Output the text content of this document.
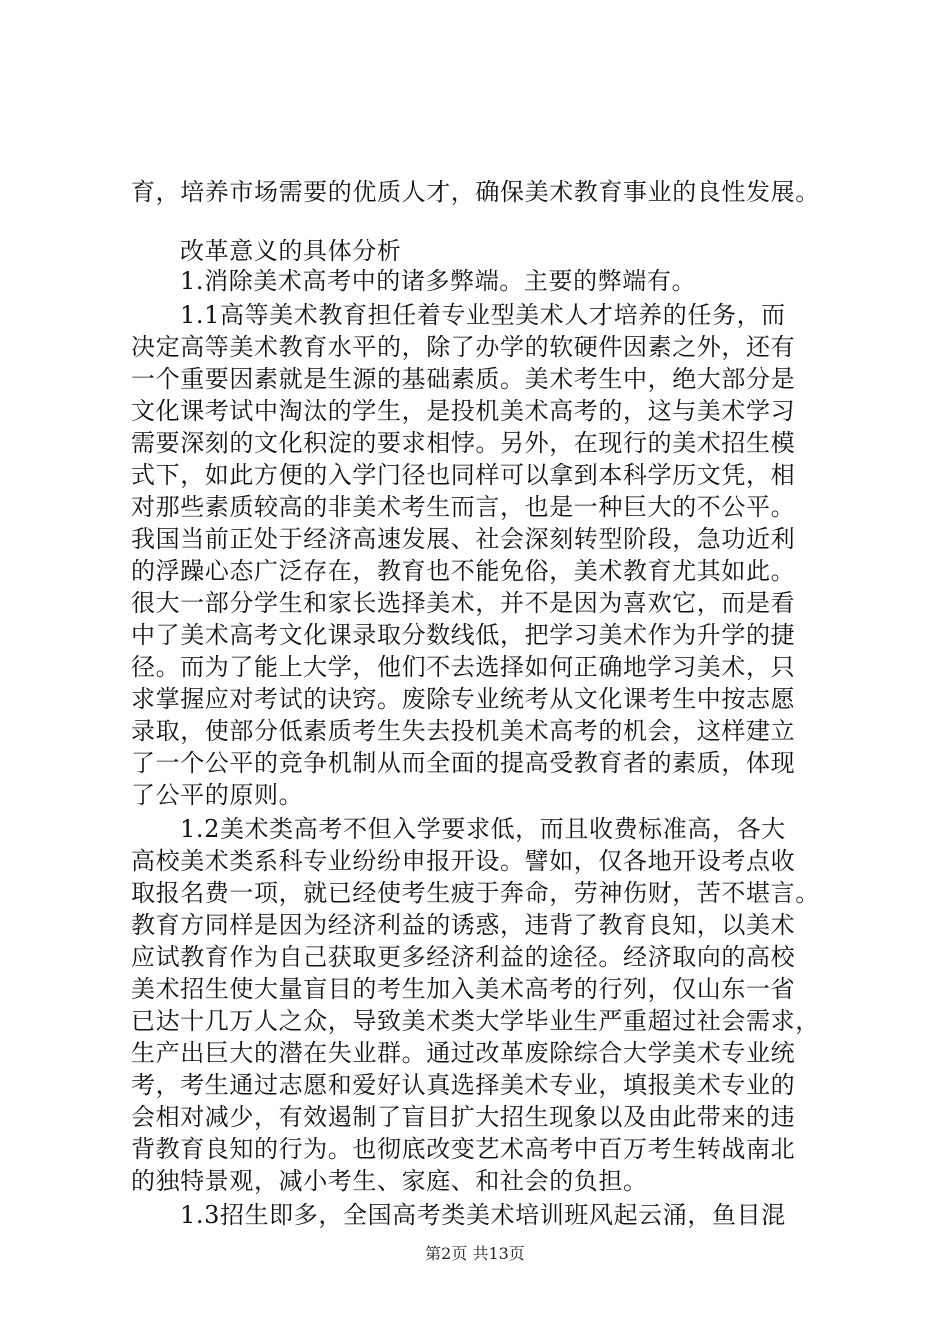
育，培养市场需要的优质人才，确保美术教育事业的良性发展。
改革意义的具体分析
1.消除美术高考中的诸多弊端。主要的弊端有。
1.1高等美术教育担任着专业型美术人才培养的任务，而
决定高等美术教育水平的，除了办学的软硬件因素之外，还有
一个重要因素就是生源的基础素质。美术考生中，绝大部分是
文化课考试中淘汰的学生，是投机美术高考的，这与美术学习
需要深刻的文化积淀的要求相悖。另外，在现行的美术招生模
式下，如此方便的入学门径也同样可以拿到本科学历文凭，相
对那些素质较高的非美术考生而言，也是一种巨大的不公平。
我国当前正处于经济高速发展、社会深刻转型阶段，急功近利
的浮躁心态广泛存在，教育也不能免俗，美术教育尤其如此。
很大一部分学生和家长选择美术，并不是因为喜欢它，而是看
中了美术高考文化课录取分数线低，把学习美术作为升学的捷
径。而为了能上大学，他们不去选择如何正确地学习美术，只
求掌握应对考试的诀窍。废除专业统考从文化课考生中按志愿
录取，使部分低素质考生失去投机美术高考的机会，这样建立
了一个公平的竞争机制从而全面的提高受教育者的素质，体现
了公平的原则。
1.2美术类高考不但入学要求低，而且收费标准高，各大
高校美术类系科专业纷纷申报开设。譬如，仅各地开设考点收
取报名费一项，就已经使考生疲于奔命，劳神伤财，苦不堪言。
教育方同样是因为经济利益的诱惑，违背了教育良知，以美术
应试教育作为自己获取更多经济利益的途径。经济取向的高校
美术招生使大量盲目的考生加入美术高考的行列，仅山东一省
已达十几万人之众，导致美术类大学毕业生严重超过社会需求，
生产出巨大的潜在失业群。通过改革废除综合大学美术专业统
考，考生通过志愿和爱好认真选择美术专业，填报美术专业的
会相对减少，有效遏制了盲目扩大招生现象以及由此带来的违
背教育良知的行为。也彻底改变艺术高考中百万考生转战南北
的独特景观，减小考生、家庭、和社会的负担。
1.3招生即多，全国高考类美术培训班风起云涌，鱼目混
第2页 共13页
